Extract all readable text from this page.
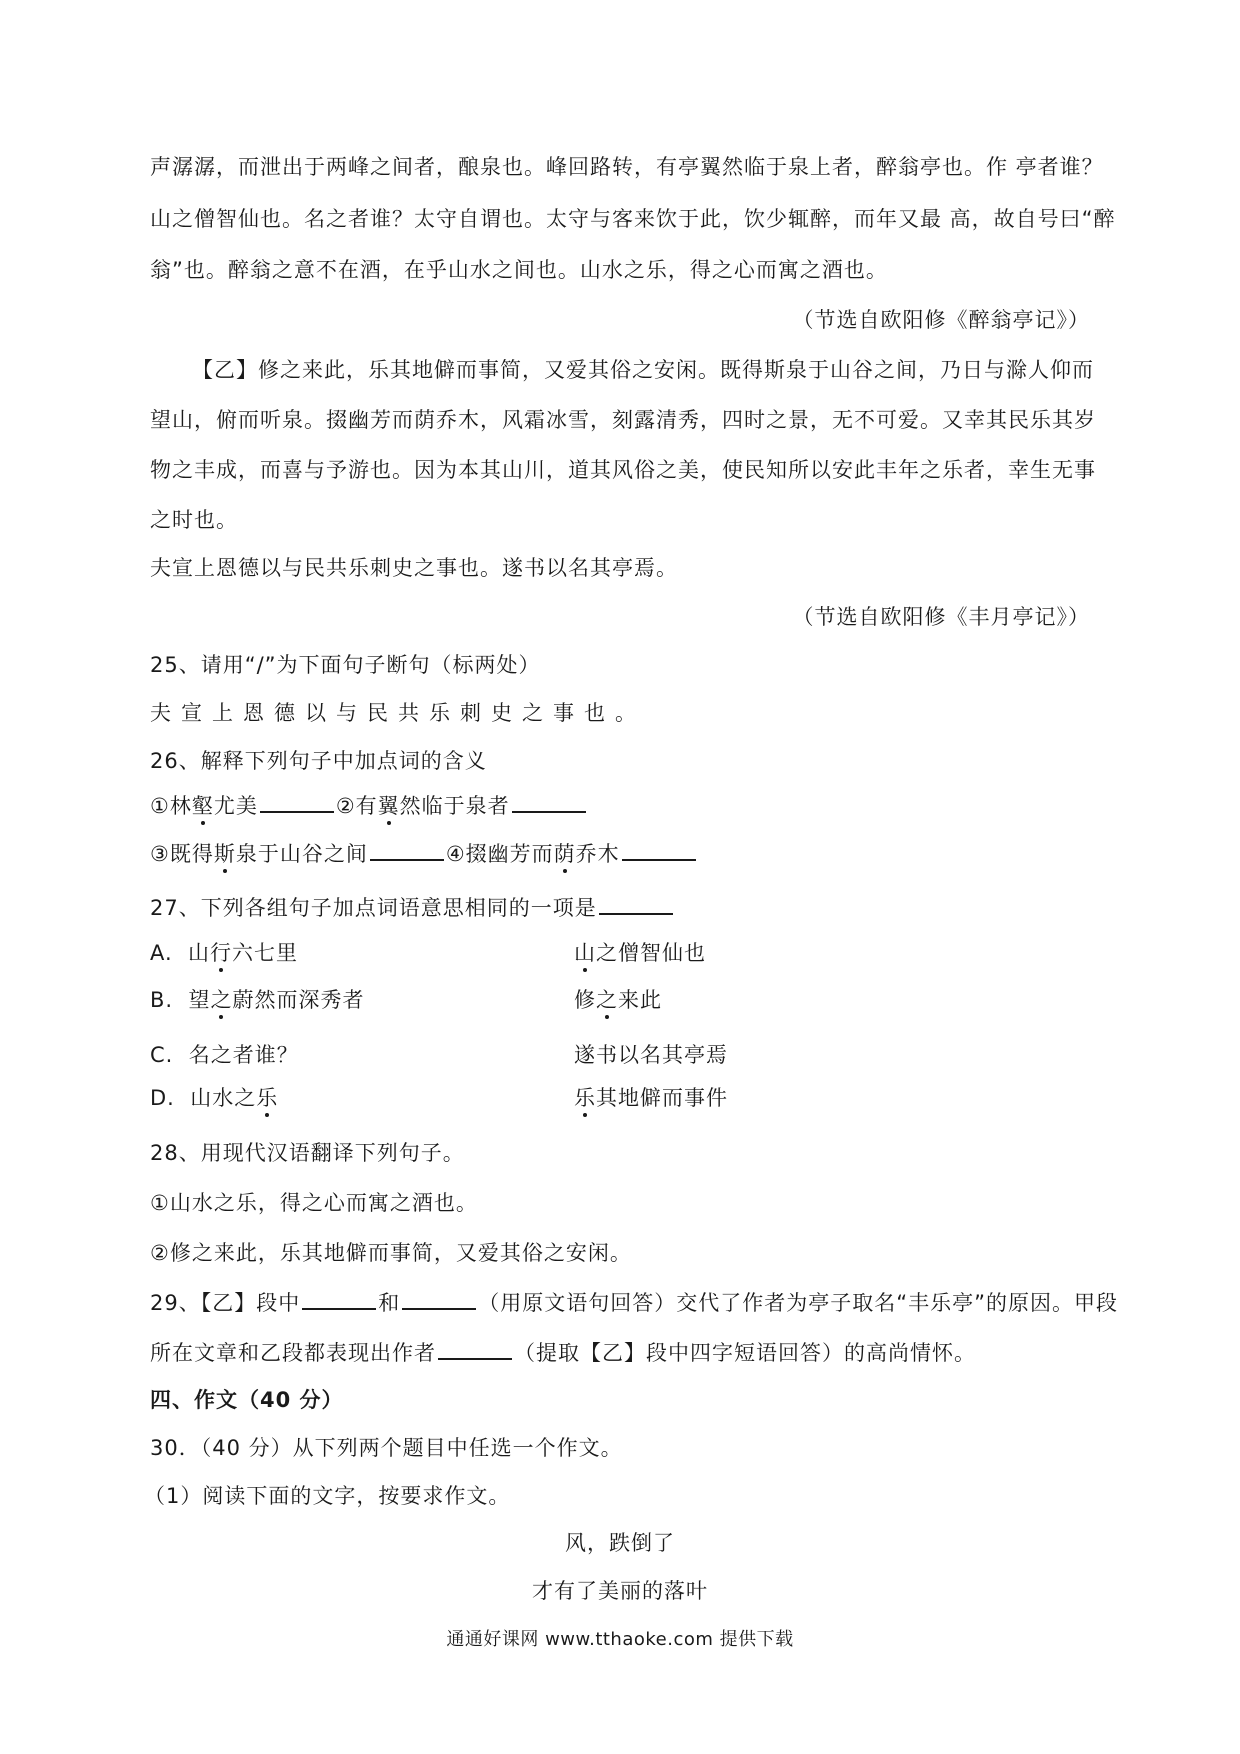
声潺潺，而泄出于两峰之间者，酿泉也。峰回路转，有亭翼然临于泉上者，醉翁亭也。作 亭者谁？
山之僧智仙也。名之者谁？太守自谓也。太守与客来饮于此，饮少辄醉，而年又最 高，故自号曰“醉
翁”也。醉翁之意不在酒，在乎山水之间也。山水之乐，得之心而寓之酒也。
（节选自欧阳修《醉翁亭记》）
【乙】修之来此，乐其地僻而事简，又爱其俗之安闲。既得斯泉于山谷之间，乃日与滁人仰而
望山，俯而听泉。掇幽芳而荫乔木，风霜冰雪，刻露清秀，四时之景，无不可爱。又幸其民乐其岁
物之丰成，而喜与予游也。因为本其山川，道其风俗之美，使民知所以安此丰年之乐者，幸生无事
之时也。
夫宣上恩德以与民共乐刺史之事也。遂书以名其亭焉。
（节选自欧阳修《丰月亭记》）
25、请用“/”为下面句子断句（标两处）
夫宣上恩德以与民共乐刺史之事也。
26、解释下列句子中加点词的含义
①林壑尤美	②有翼然临于泉者
③既得斯泉于山谷之间	④掇幽芳而荫乔木
27、下列各组句子加点词语意思相同的一项是
A. 山行六七里	山之僧智仙也
B. 望之蔚然而深秀者	修之来此
C. 名之者谁？	遂书以名其亭焉
D. 山水之乐	乐其地僻而事件
28、用现代汉语翻译下列句子。
①山水之乐，得之心而寓之酒也。
②修之来此，乐其地僻而事简，又爱其俗之安闲。
29、【乙】段中	和	（用原文语句回答）交代了作者为亭子取名“丰乐亭”的原因。甲段
所在文章和乙段都表现出作者	（提取【乙】段中四字短语回答）的高尚情怀。
四、作文（40 分）
30．（40 分）从下列两个题目中任选一个作文。
（1）阅读下面的文字，按要求作文。
风，跌倒了
才有了美丽的落叶
通通好课网 www.tthaoke.com 提供下载
